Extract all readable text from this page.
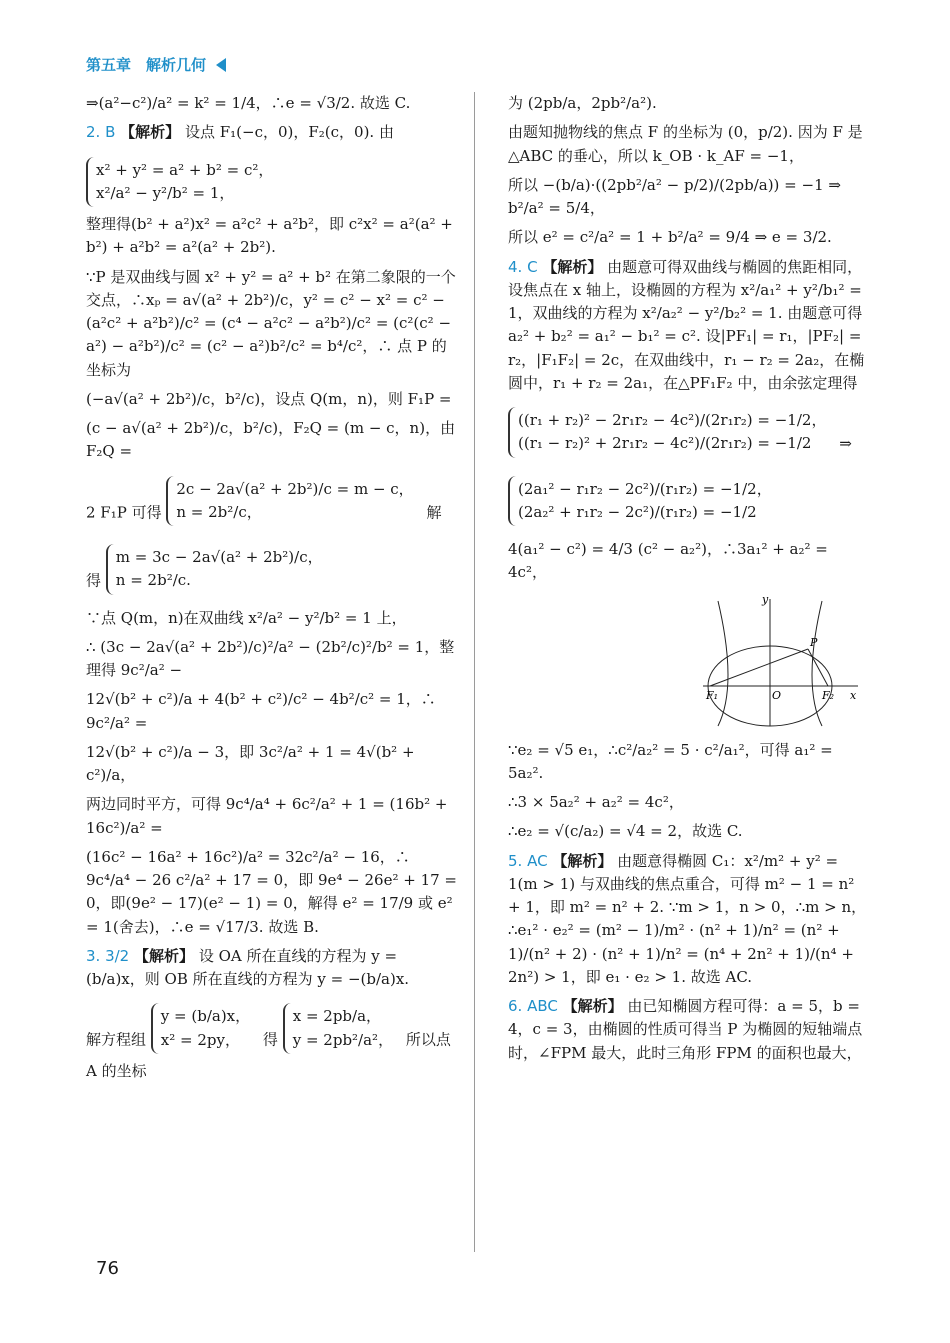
第五章　解析几何

⇒(a²−c²)/a² = k² = 1/4，∴e = √3/2. 故选 C.

2. B 【解析】 设点 F₁(−c，0)，F₂(c，0). 由

x² + y² = a² + b² = c²，
x²/a² − y²/b² = 1，

整理得(b² + a²)x² = a²c² + a²b²，即 c²x² = a²(a² + b²) + a²b² = a²(a² + 2b²).

∵P 是双曲线与圆 x² + y² = a² + b² 在第二象限的一个交点，∴xₚ = a√(a² + 2b²)/c，y² = c² − x² = c² − (a²c² + a²b²)/c² = (c⁴ − a²c² − a²b²)/c² = (c²(c² − a²) − a²b²)/c² = (c² − a²)b²/c² = b⁴/c²，∴ 点 P 的坐标为

(−a√(a² + 2b²)/c，b²/c)，设点 Q(m，n)，则 F₁P =

(c − a√(a² + 2b²)/c，b²/c)，F₂Q = (m − c，n)，由 F₂Q =

2 F₁P 可得
2c − 2a√(a² + 2b²)/c = m − c，
n = 2b²/c，	解

得
m = 3c − 2a√(a² + 2b²)/c，
n = 2b²/c.

∵点 Q(m，n)在双曲线 x²/a² − y²/b² = 1 上，

∴ (3c − 2a√(a² + 2b²)/c)²/a² − (2b²/c)²/b² = 1，整理得 9c²/a² −

12√(b² + c²)/a + 4(b² + c²)/c² − 4b²/c² = 1，∴ 9c²/a² =

12√(b² + c²)/a − 3，即 3c²/a² + 1 = 4√(b² + c²)/a，

两边同时平方，可得 9c⁴/a⁴ + 6c²/a² + 1 = (16b² + 16c²)/a² =

(16c² − 16a² + 16c²)/a² = 32c²/a² − 16，∴ 9c⁴/a⁴ − 26 c²/a² + 17 = 0，即 9e⁴ − 26e² + 17 = 0，即(9e² − 17)(e² − 1) = 0，解得 e² = 17/9 或 e² = 1(舍去)，∴e = √17/3. 故选 B.

3. 3/2 【解析】 设 OA 所在直线的方程为 y = (b/a)x，则 OB 所在直线的方程为 y = −(b/a)x.

解方程组
y = (b/a)x，
x² = 2py，	得
x = 2pb/a，
y = 2pb²/a²， 所以点 A 的坐标

为 (2pb/a，2pb²/a²).

由题知抛物线的焦点 F 的坐标为 (0，p/2). 因为 F 是△ABC 的垂心，所以 k_OB · k_AF = −1，

所以 −(b/a)·((2pb²/a² − p/2)/(2pb/a)) = −1 ⇒ b²/a² = 5/4，

所以 e² = c²/a² = 1 + b²/a² = 9/4 ⇒ e = 3/2.

4. C 【解析】 由题意可得双曲线与椭圆的焦距相同，设焦点在 x 轴上，设椭圆的方程为 x²/a₁² + y²/b₁² = 1，双曲线的方程为 x²/a₂² − y²/b₂² = 1. 由题意可得 a₂² + b₂² = a₁² − b₁² = c². 设|PF₁| = r₁，|PF₂| = r₂，|F₁F₂| = 2c，在双曲线中，r₁ − r₂ = 2a₂，在椭圆中，r₁ + r₂ = 2a₁，在△PF₁F₂ 中，由余弦定理得

((r₁ + r₂)² − 2r₁r₂ − 4c²)/(2r₁r₂) = −1/2，
((r₁ − r₂)² + 2r₁r₂ − 4c²)/(2r₁r₂) = −1/2	⇒

(2a₁² − r₁r₂ − 2c²)/(r₁r₂) = −1/2，
(2a₂² + r₁r₂ − 2c²)/(r₁r₂) = −1/2

4(a₁² − c²) = 4/3 (c² − a₂²)，∴3a₁² + a₂² = 4c²，

y
x
P
O
F₁	F₂

∵e₂ = √5 e₁，∴c²/a₂² = 5 · c²/a₁²，可得 a₁² = 5a₂².

∴3 × 5a₂² + a₂² = 4c²，

∴e₂ = √(c/a₂) = √4 = 2，故选 C.

5. AC 【解析】 由题意得椭圆 C₁：x²/m² + y² = 1(m > 1) 与双曲线的焦点重合，可得 m² − 1 = n² + 1，即 m² = n² + 2. ∵m > 1，n > 0，∴m > n，∴e₁² · e₂² = (m² − 1)/m² · (n² + 1)/n² = (n² + 1)/(n² + 2) · (n² + 1)/n² = (n⁴ + 2n² + 1)/(n⁴ + 2n²) > 1，即 e₁ · e₂ > 1. 故选 AC.

6. ABC 【解析】 由已知椭圆方程可得：a = 5，b = 4，c = 3，由椭圆的性质可得当 P 为椭圆的短轴端点时，∠FPM 最大，此时三角形 FPM 的面积也最大，

76
